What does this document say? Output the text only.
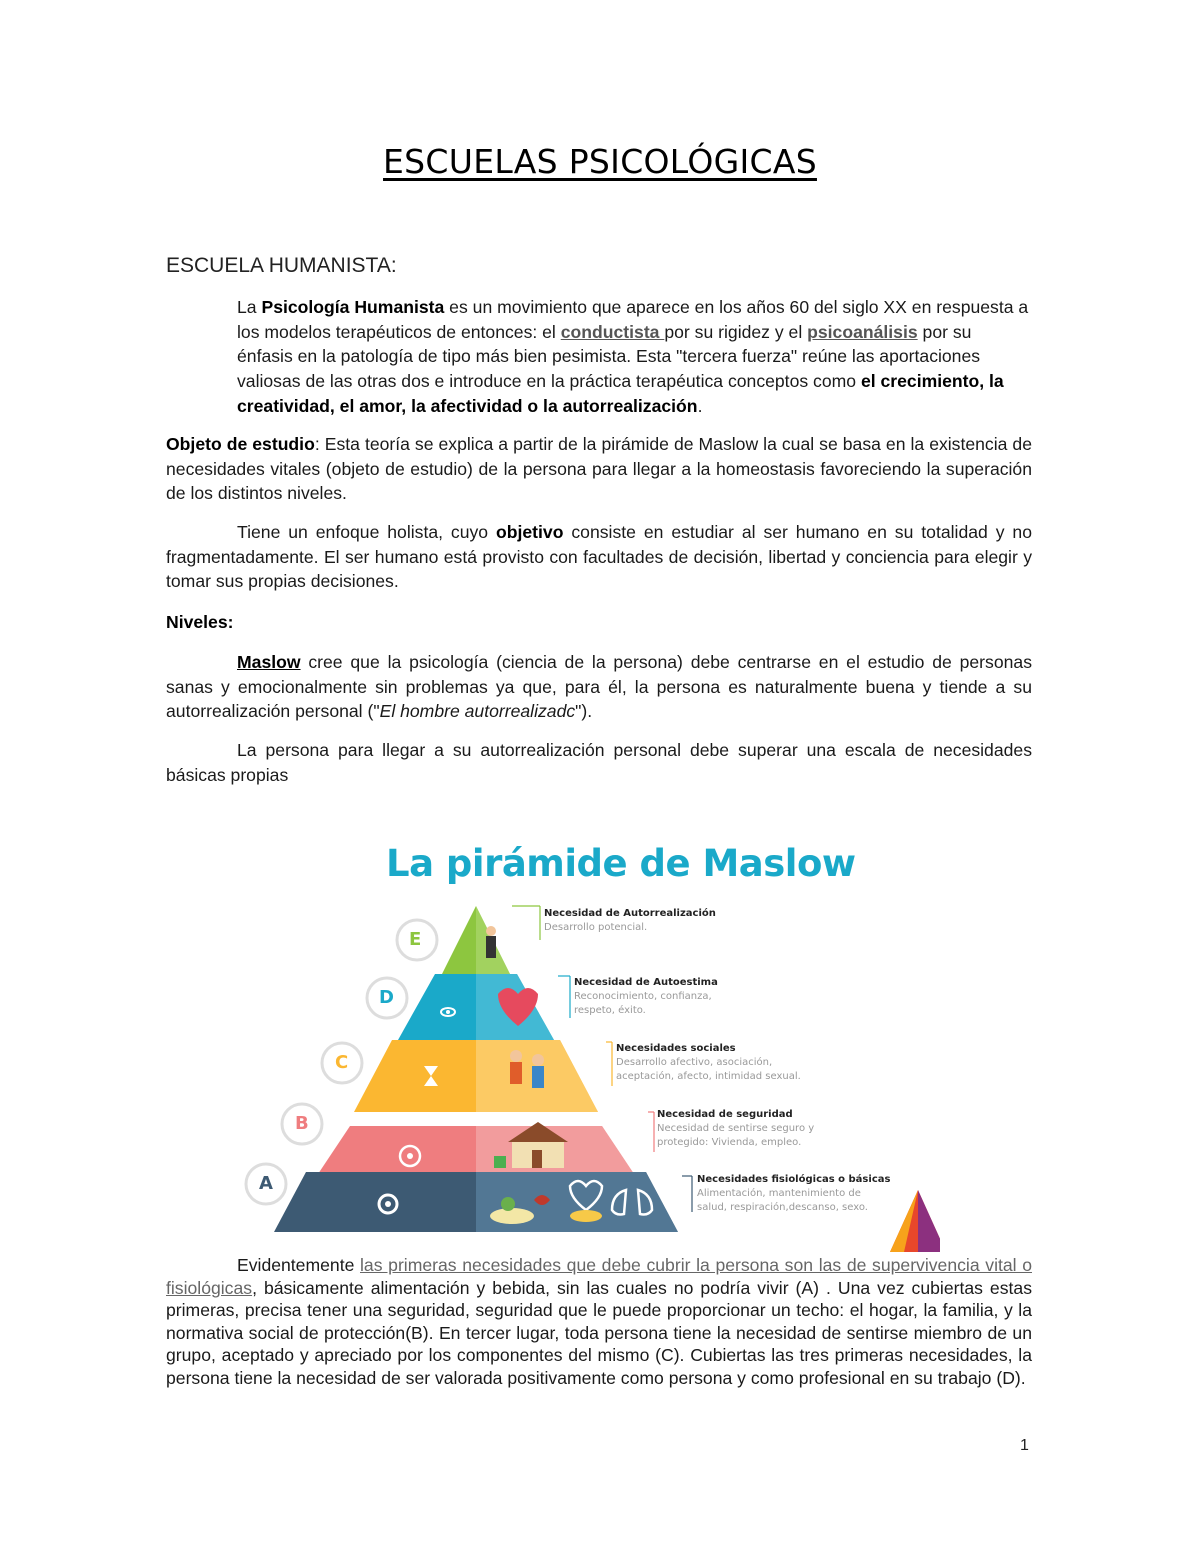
ESCUELAS PSICOLÓGICAS
ESCUELA HUMANISTA:

La Psicología Humanista es un movimiento que aparece en los años 60 del siglo XX en respuesta a los modelos terapéuticos de entonces: el conductista por su rigidez y el psicoanálisis por su énfasis en la patología de tipo más bien pesimista. Esta "tercera fuerza" reúne las aportaciones valiosas de las otras dos e introduce en la práctica terapéutica conceptos como el crecimiento, la creatividad, el amor, la afectividad o la autorrealización.

Objeto de estudio: Esta teoría se explica a partir de la pirámide de Maslow la cual se basa en la existencia de necesidades vitales (objeto de estudio) de la persona para llegar a la homeostasis favoreciendo la superación de los distintos niveles.

Tiene un enfoque holista, cuyo objetivo consiste en estudiar al ser humano en su totalidad y no fragmentadamente. El ser humano está provisto con facultades de decisión, libertad y conciencia para elegir y tomar sus propias decisiones.

Niveles:

Maslow cree que la psicología (ciencia de la persona) debe centrarse en el estudio de personas sanas y emocionalmente sin problemas ya que, para él, la persona es naturalmente buena y tiende a su autorrealización personal ("El hombre autorrealizadc").

La persona para llegar a su autorrealización personal debe superar una escala de necesidades básicas propias

La pirámide de Maslow
E
D
C
B
A
Necesidad de Autorrealización
Desarrollo potencial.
Necesidad de Autoestima
Reconocimiento, confianza, respeto, éxito.
Necesidades sociales
Desarrollo afectivo, asociación, aceptación, afecto, intimidad sexual.
Necesidad de seguridad
Necesidad de sentirse seguro y protegido: Vivienda, empleo.
Necesidades fisiológicas o básicas
Alimentación, mantenimiento de salud, respiración,descanso, sexo.

Evidentemente las primeras necesidades que debe cubrir la persona son las de supervivencia vital o fisiológicas, básicamente alimentación y bebida, sin las cuales no podría vivir (A) . Una vez cubiertas estas primeras, precisa tener una seguridad, seguridad que le puede proporcionar un techo: el hogar, la familia, y la normativa social de protección(B). En tercer lugar, toda persona tiene la necesidad de sentirse miembro de un grupo, aceptado y apreciado por los componentes del mismo (C). Cubiertas las tres primeras necesidades, la persona tiene la necesidad de ser valorada positivamente como persona y como profesional en su trabajo (D).

1
